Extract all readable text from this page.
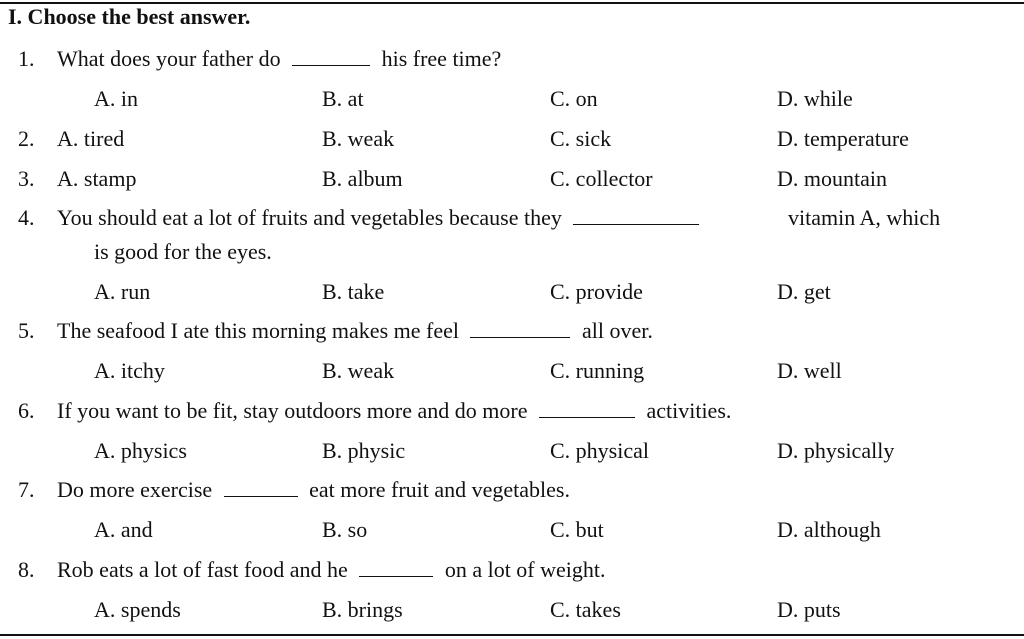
I. Choose the best answer.
1. What does your father do	his free time?
A. in	B. at	C. on	D. while
2. A. tired	B. weak	C. sick	D. temperature
3. A. stamp	B. album	C. collector	D. mountain
4. You should eat a lot of fruits and vegetables because they	vitamin A, which
is good for the eyes.
A. run	B. take	C. provide	D. get
5. The seafood I ate this morning makes me feel	all over.
A. itchy	B. weak	C. running	D. well
6. If you want to be fit, stay outdoors more and do more	activities.
A. physics	B. physic	C. physical	D. physically
7. Do more exercise	eat more fruit and vegetables.
A. and	B. so	C. but	D. although
8. Rob eats a lot of fast food and he	on a lot of weight.
A. spends	B. brings	C. takes	D. puts
